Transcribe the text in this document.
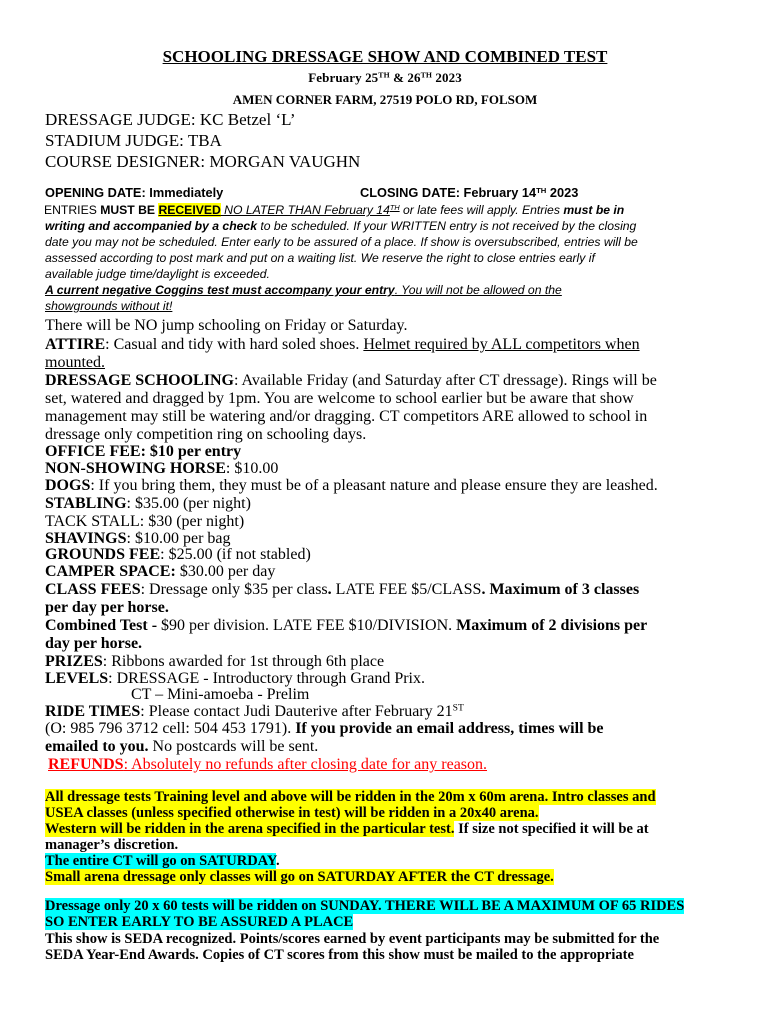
SCHOOLING DRESSAGE SHOW AND COMBINED TEST
February 25TH & 26TH 2023
AMEN CORNER FARM, 27519 POLO RD, FOLSOM
DRESSAGE JUDGE: KC Betzel ‘L’
STADIUM JUDGE: TBA
COURSE DESIGNER: MORGAN VAUGHN
OPENING DATE: Immediately	CLOSING DATE: February 14TH 2023
ENTRIES MUST BE RECEIVED NO LATER THAN February 14TH or late fees will apply. Entries must be in
writing and accompanied by a check to be scheduled. If your WRITTEN entry is not received by the closing
date you may not be scheduled. Enter early to be assured of a place. If show is oversubscribed, entries will be
assessed according to post mark and put on a waiting list. We reserve the right to close entries early if
available judge time/daylight is exceeded.
A current negative Coggins test must accompany your entry. You will not be allowed on the
showgrounds without it!
There will be NO jump schooling on Friday or Saturday.
ATTIRE: Casual and tidy with hard soled shoes. Helmet required by ALL competitors when
mounted.
DRESSAGE SCHOOLING: Available Friday (and Saturday after CT dressage). Rings will be
set, watered and dragged by 1pm. You are welcome to school earlier but be aware that show
management may still be watering and/or dragging. CT competitors ARE allowed to school in
dressage only competition ring on schooling days.
OFFICE FEE: $10 per entry
NON-SHOWING HORSE: $10.00
DOGS: If you bring them, they must be of a pleasant nature and please ensure they are leashed.
STABLING: $35.00 (per night)
TACK STALL: $30 (per night)
SHAVINGS: $10.00 per bag
GROUNDS FEE: $25.00 (if not stabled)
CAMPER SPACE: $30.00 per day
CLASS FEES: Dressage only $35 per class. LATE FEE $5/CLASS. Maximum of 3 classes
per day per horse.
Combined Test - $90 per division. LATE FEE $10/DIVISION. Maximum of 2 divisions per
day per horse.
PRIZES: Ribbons awarded for 1st through 6th place
LEVELS: DRESSAGE - Introductory through Grand Prix.
CT – Mini-amoeba - Prelim
RIDE TIMES: Please contact Judi Dauterive after February 21ST
(O: 985 796 3712 cell: 504 453 1791). If you provide an email address, times will be
emailed to you. No postcards will be sent.
REFUNDS: Absolutely no refunds after closing date for any reason.
All dressage tests Training level and above will be ridden in the 20m x 60m arena. Intro classes and
USEA classes (unless specified otherwise in test) will be ridden in a 20x40 arena.
Western will be ridden in the arena specified in the particular test. If size not specified it will be at
manager’s discretion.
The entire CT will go on SATURDAY.
Small arena dressage only classes will go on SATURDAY AFTER the CT dressage.
Dressage only 20 x 60 tests will be ridden on SUNDAY. THERE WILL BE A MAXIMUM OF 65 RIDES
SO ENTER EARLY TO BE ASSURED A PLACE
This show is SEDA recognized. Points/scores earned by event participants may be submitted for the
SEDA Year-End Awards. Copies of CT scores from this show must be mailed to the appropriate
